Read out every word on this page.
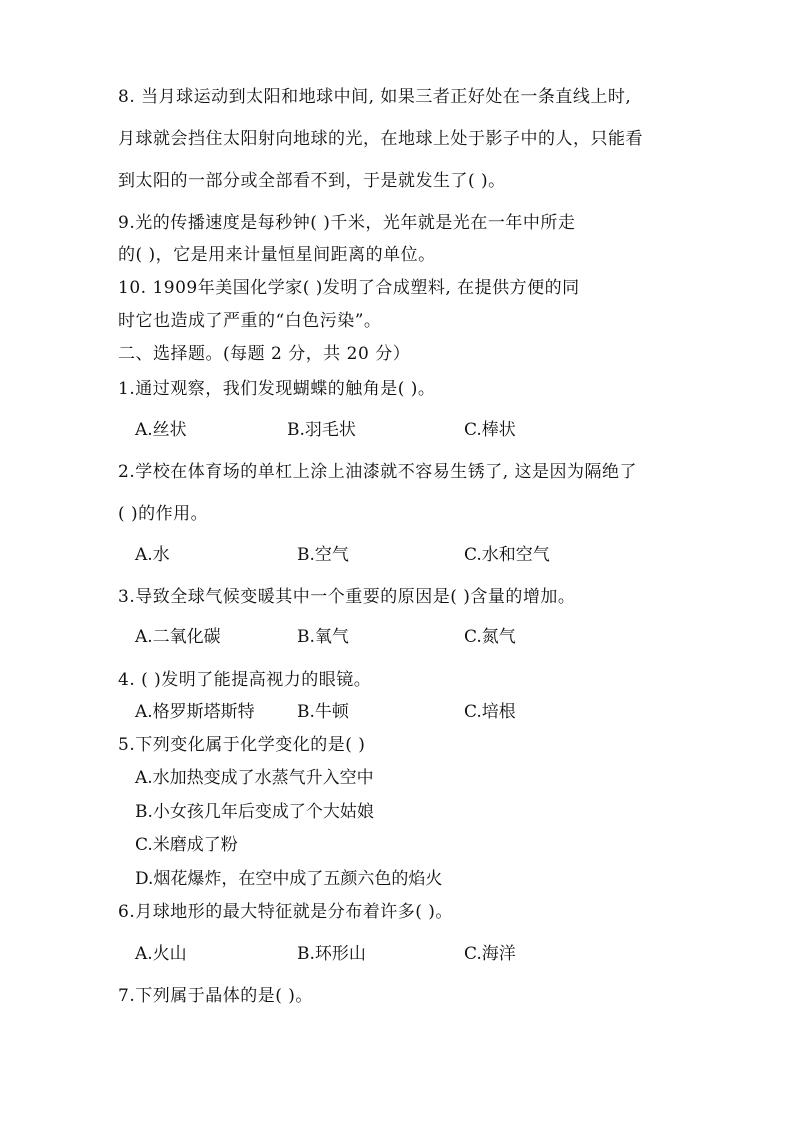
8. 当月球运动到太阳和地球中间, 如果三者正好处在一条直线上时,
月球就会挡住太阳射向地球的光，在地球上处于影子中的人，只能看
到太阳的一部分或全部看不到，于是就发生了( )。
9.光的传播速度是每秒钟( )千米，光年就是光在一年中所走
的( )，它是用来计量恒星间距离的单位。
10. 1909年美国化学家( )发明了合成塑料, 在提供方便的同
时它也造成了严重的“白色污染”。
二、选择题。(每题 2 分，共 20 分）
1.通过观察，我们发现蝴蝶的触角是( )。
A.丝状	B.羽毛状	C.棒状
2.学校在体育场的单杠上涂上油漆就不容易生锈了, 这是因为隔绝了
( )的作用。
A.水	B.空气	C.水和空气
3.导致全球气候变暖其中一个重要的原因是( )含量的增加。
A.二氧化碳	B.氧气	C.氮气
4. ( )发明了能提高视力的眼镜。
A.格罗斯塔斯特 B.牛顿	C.培根
5.下列变化属于化学变化的是( )
A.水加热变成了水蒸气升入空中
B.小女孩几年后变成了个大姑娘
C.米磨成了粉
D.烟花爆炸，在空中成了五颜六色的焰火
6.月球地形的最大特征就是分布着许多( )。
A.火山	B.环形山	C.海洋
7.下列属于晶体的是( )。
